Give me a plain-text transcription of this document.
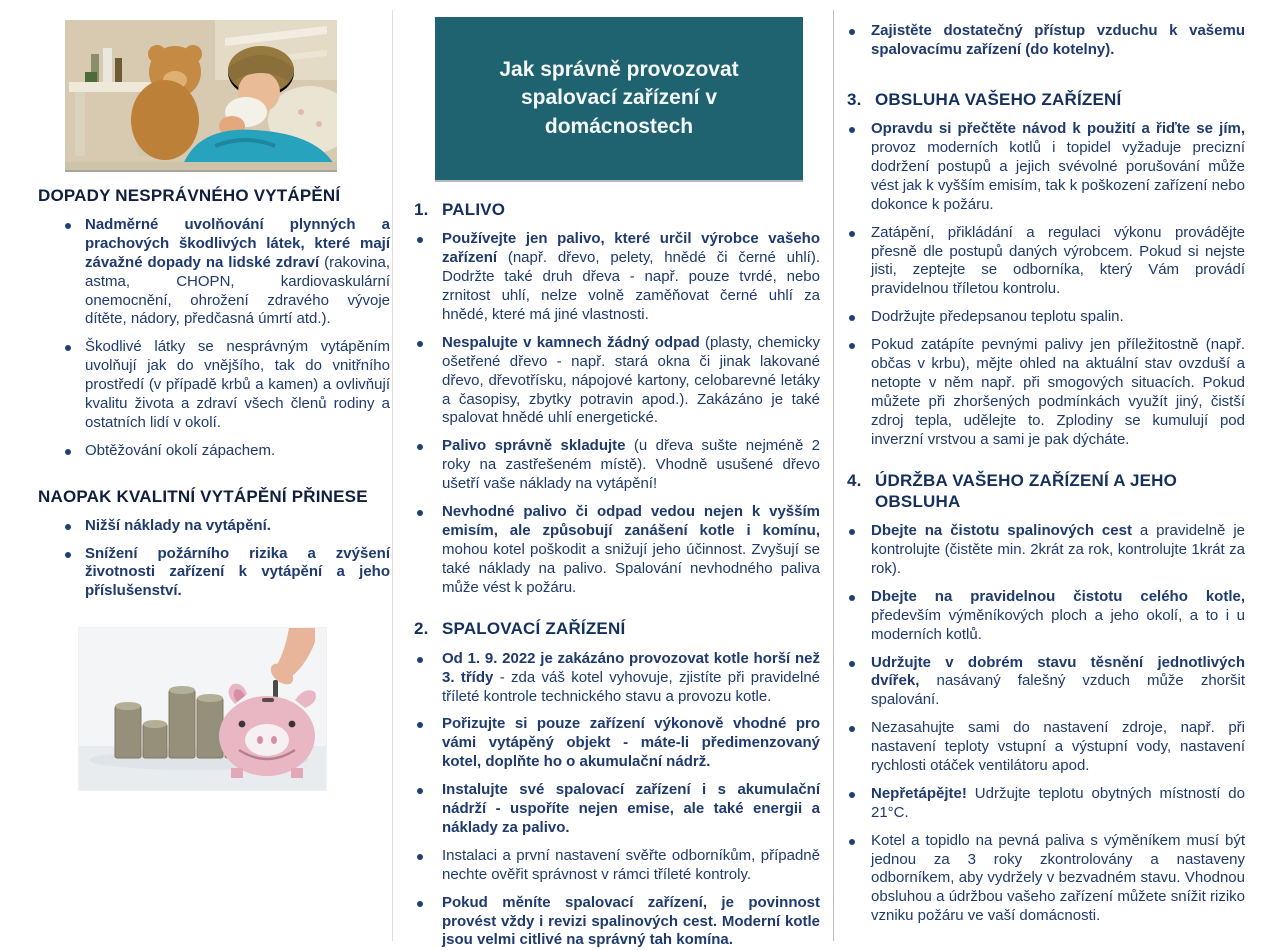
DOPADY NESPRÁVNÉHO VYTÁPĚNÍ
Nadměrné uvolňování plynných a prachových škodlivých látek, které mají závažné dopady na lidské zdraví (rakovina, astma, CHOPN, kardiovaskulární onemocnění, ohrožení zdravého vývoje dítěte, nádory, předčasná úmrtí atd.).
Škodlivé látky se nesprávným vytápěním uvolňují jak do vnějšího, tak do vnitřního prostředí (v případě krbů a kamen) a ovlivňují kvalitu života a zdraví všech členů rodiny a ostatních lidí v okolí.
Obtěžování okolí zápachem.
NAOPAK KVALITNÍ VYTÁPĚNÍ PŘINESE
Nižší náklady na vytápění.
Snížení požárního rizika a zvýšení životnosti zařízení k vytápění a jeho příslušenství.
Jak správně provozovat spalovací zařízení v domácnostech
1. PALIVO
Používejte jen palivo, které určil výrobce vašeho zařízení (např. dřevo, pelety, hnědé či černé uhlí). Dodržte také druh dřeva - např. pouze tvrdé, nebo zrnitost uhlí, nelze volně zaměňovat černé uhlí za hnědé, které má jiné vlastnosti.
Nespalujte v kamnech žádný odpad (plasty, chemicky ošetřené dřevo - např. stará okna či jinak lakované dřevo, dřevotřísku, nápojové kartony, celobarevné letáky a časopisy, zbytky potravin apod.). Zakázáno je také spalovat hnědé uhlí energetické.
Palivo správně skladujte (u dřeva sušte nejméně 2 roky na zastřešeném místě). Vhodně usušené dřevo ušetří vaše náklady na vytápění!
Nevhodné palivo či odpad vedou nejen k vyšším emisím, ale způsobují zanášení kotle i komínu,mohou kotel poškodit a snižují jeho účinnost. Zvyšují se také náklady na palivo. Spalování nevhodného paliva může vést k požáru.
2. SPALOVACÍ ZAŘÍZENÍ
Od 1. 9. 2022 je zakázáno provozovat kotle horší než 3. třídy - zda váš kotel vyhovuje, zjistíte při pravidelné tříleté kontrole technického stavu a provozu kotle.
Pořizujte si pouze zařízení výkonově vhodné pro vámi vytápěný objekt - máte-li předimenzovaný kotel, doplňte ho o akumulační nádrž.
Instalujte své spalovací zařízení i s akumulační nádrží - uspoříte nejen emise, ale také energii a náklady za palivo.
Instalaci a první nastavení svěřte odborníkům, případně nechte ověřit správnost v rámci tříleté kontroly.
Pokud měníte spalovací zařízení, je povinnost provést vždy i revizi spalinových cest. Moderní kotle jsou velmi citlivé na správný tah komína.
Zajistěte dostatečný přístup vzduchu k vašemu spalovacímu zařízení (do kotelny).
3. OBSLUHA VAŠEHO ZAŘÍZENÍ
Opravdu si přečtěte návod k použití a řiďte se jím,provoz moderních kotlů i topidel vyžaduje precizní dodržení postupů a jejich svévolné porušování může vést jak k vyšším emisím, tak k poškození zařízení nebo dokonce k požáru.
Zatápění, přikládání a regulaci výkonu provádějte přesně dle postupů daných výrobcem. Pokud si nejste jisti, zeptejte se odborníka, který Vám provádí pravidelnou tříletou kontrolu.
Dodržujte předepsanou teplotu spalin.
Pokud zatápíte pevnými palivy jen příležitostně (např. občas v krbu), mějte ohled na aktuální stav ovzduší a netopte v něm např. při smogových situacích. Pokud můžete při zhoršených podmínkách využít jiný, čistší zdroj tepla, udělejte to. Zplodiny se kumulují pod inverzní vrstvou a sami je pak dýcháte.
4. ÚDRŽBA VAŠEHO ZAŘÍZENÍ A JEHO OBSLUHA
Dbejte na čistotu spalinových cest a pravidelně je kontrolujte (čistěte min. 2krát za rok, kontrolujte 1krát za rok).
Dbejte na pravidelnou čistotu celého kotle,především výměníkových ploch a jeho okolí, a to i u moderních kotlů.
Udržujte v dobrém stavu těsnění jednotlivých dvířek, nasávaný falešný vzduch může zhoršit spalování.
Nezasahujte sami do nastavení zdroje, např. při nastavení teploty vstupní a výstupní vody, nastavení rychlosti otáček ventilátoru apod.
Nepřetápějte! Udržujte teplotu obytných místností do 21°C.
Kotel a topidlo na pevná paliva s výměníkem musí být jednou za 3 roky zkontrolovány a nastaveny odborníkem, aby vydržely v bezvadném stavu. Vhodnou obsluhou a údržbou vašeho zařízení můžete snížit riziko vzniku požáru ve vaší domácnosti.
